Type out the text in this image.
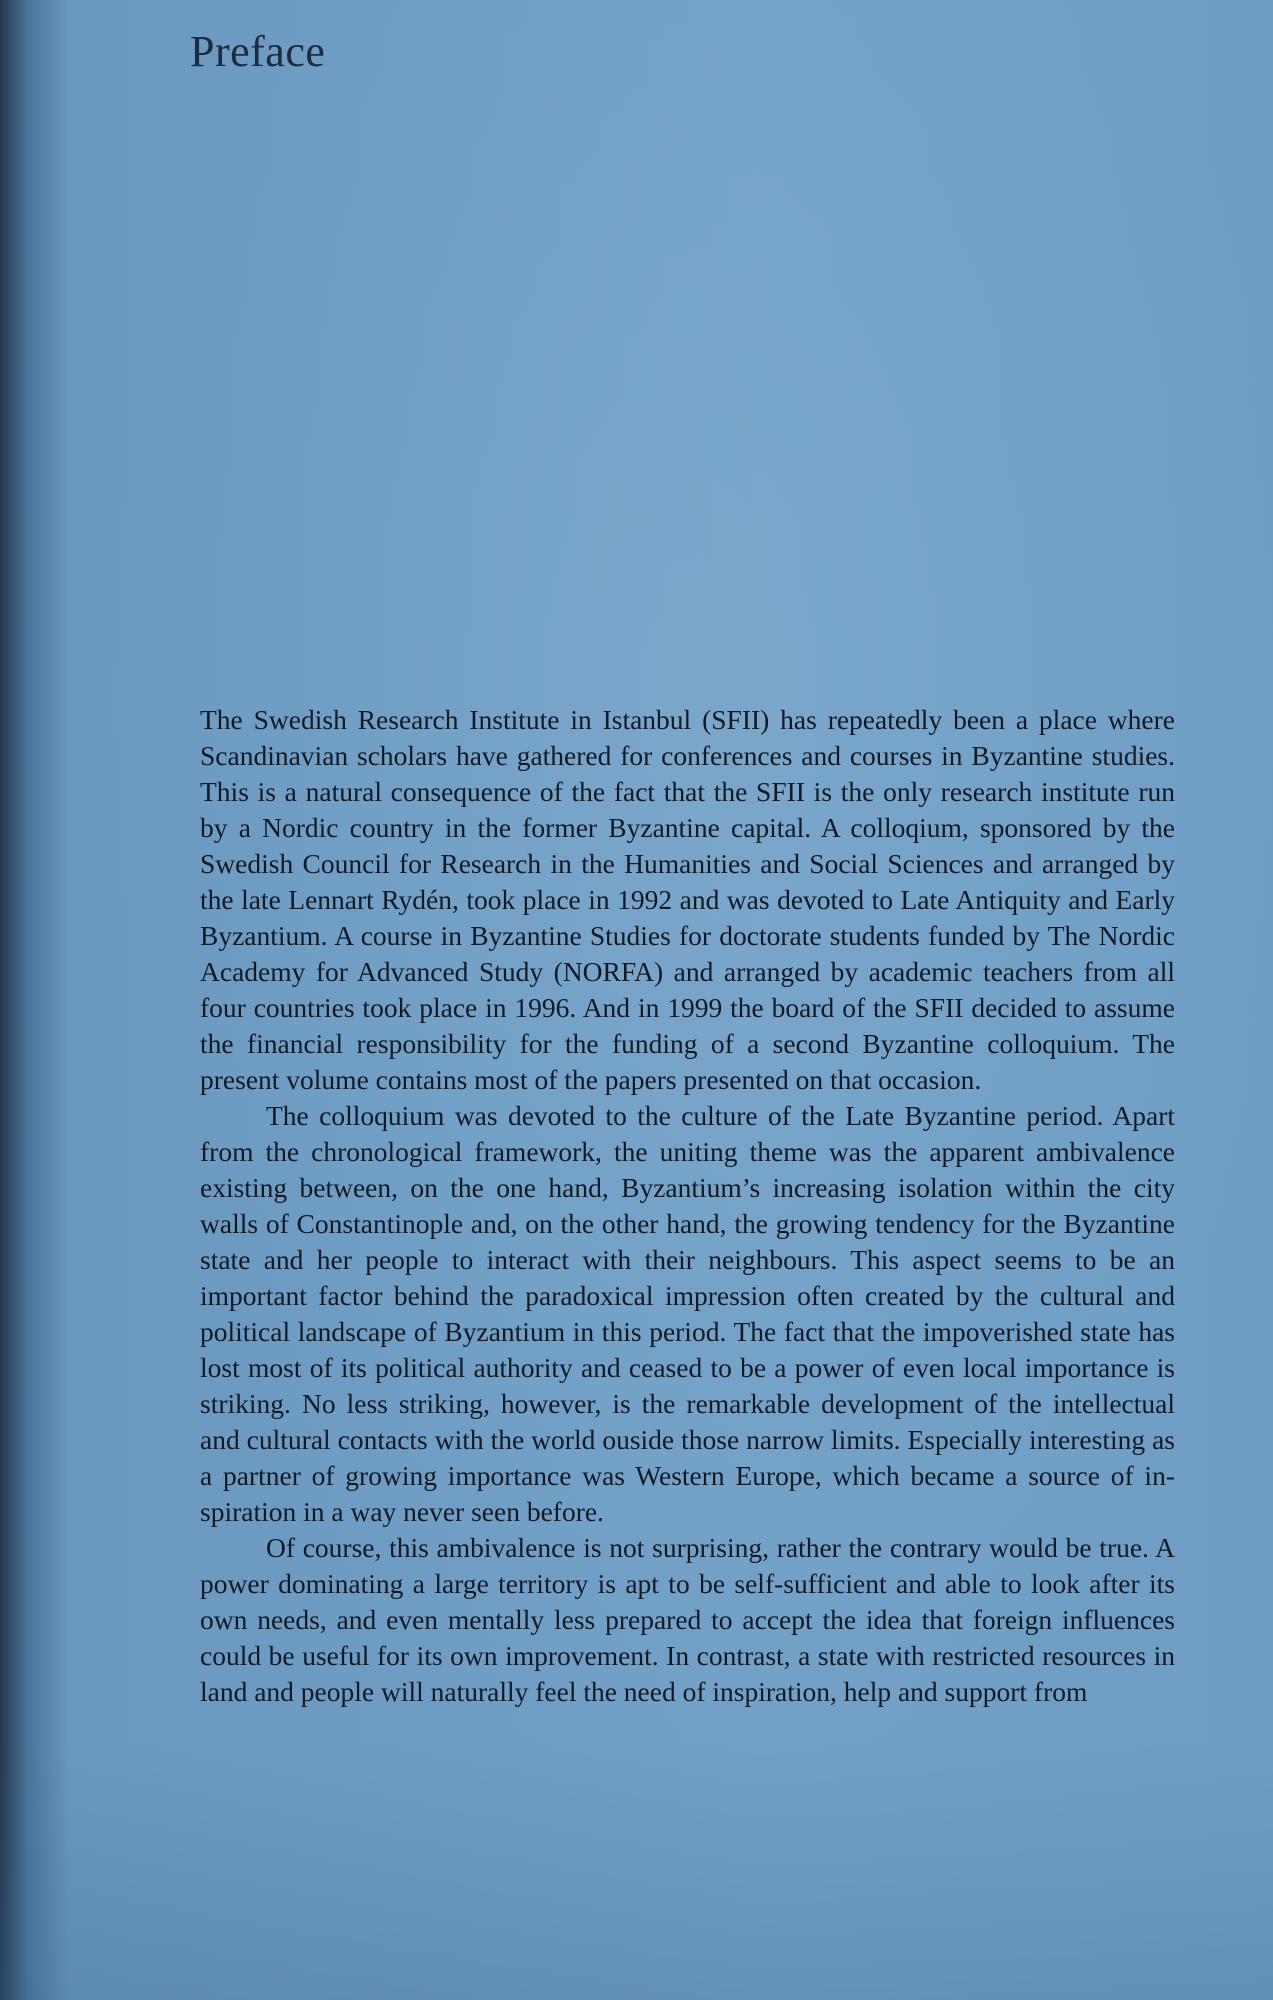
Preface

The Swedish Research Institute in Istanbul (SFII) has repeatedly been a place where Scandinavian scholars have gathered for conferences and courses in Byzantine studies. This is a natural consequence of the fact that the SFII is the only research institute run by a Nordic country in the former Byzantine capital. A colloqium, sponsored by the Swedish Council for Research in the Humanities and Social Sciences and arranged by the late Lennart Rydén, took place in 1992 and was devoted to Late Antiquity and Early Byzantium. A course in Byzantine Studies for doctorate students funded by The Nordic Academy for Advanced Study (NORFA) and arranged by academic teachers from all four countries took place in 1996. And in 1999 the board of the SFII decided to assume the financial responsibility for the funding of a second Byzantine colloquium. The present volume contains most of the papers presented on that occasion.

The colloquium was devoted to the culture of the Late Byzantine period. Apart from the chronological framework, the uniting theme was the apparent ambivalence existing between, on the one hand, Byzantium’s increasing isolation within the city walls of Constantinople and, on the other hand, the growing tendency for the Byzantine state and her people to interact with their neighbours. This aspect seems to be an important factor behind the paradoxical impression often created by the cultural and political landscape of Byzantium in this period. The fact that the impoverished state has lost most of its political authority and ceased to be a power of even local importance is striking. No less striking, however, is the remarkable development of the intellectual and cultural contacts with the world ouside those narrow limits. Especially interesting as a partner of growing importance was Western Europe, which became a source of inspiration in a way never seen before.

Of course, this ambivalence is not surprising, rather the contrary would be true. A power dominating a large territory is apt to be self-sufficient and able to look after its own needs, and even mentally less prepared to accept the idea that foreign influences could be useful for its own improvement. In contrast, a state with restricted resources in land and people will naturally feel the need of inspiration, help and support from
